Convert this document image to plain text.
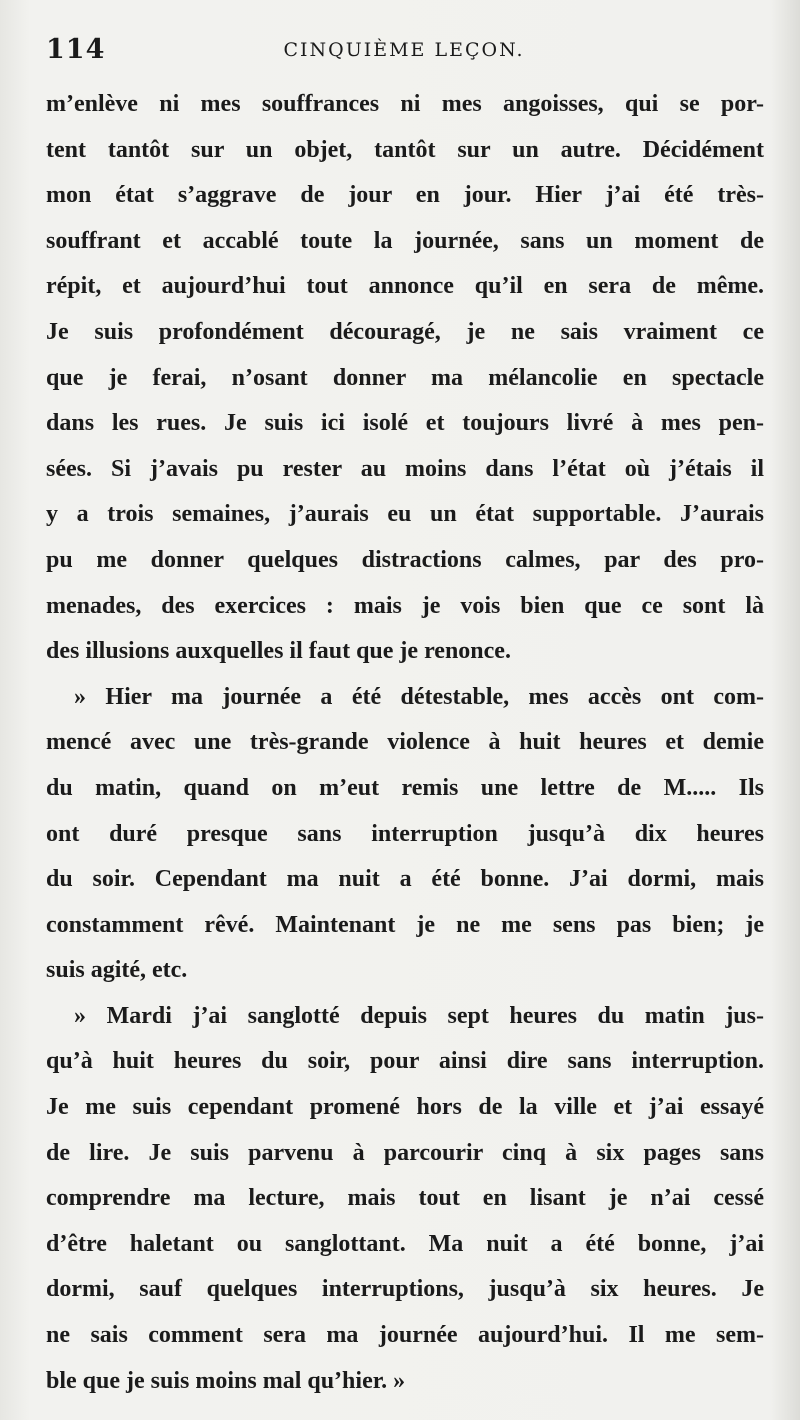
114	CINQUIÈME LEÇON.
m’enlève ni mes souffrances ni mes angoisses, qui se por-
tent tantôt sur un objet, tantôt sur un autre. Décidément
mon état s’aggrave de jour en jour. Hier j’ai été très-
souffrant et accablé toute la journée, sans un moment de
répit, et aujourd’hui tout annonce qu’il en sera de même.
Je suis profondément découragé, je ne sais vraiment ce
que je ferai, n’osant donner ma mélancolie en spectacle
dans les rues. Je suis ici isolé et toujours livré à mes pen-
sées. Si j’avais pu rester au moins dans l’état où j’étais il
y a trois semaines, j’aurais eu un état supportable. J’aurais
pu me donner quelques distractions calmes, par des pro-
menades, des exercices : mais je vois bien que ce sont là
des illusions auxquelles il faut que je renonce.
» Hier ma journée a été détestable, mes accès ont com-
mencé avec une très-grande violence à huit heures et demie
du matin, quand on m’eut remis une lettre de M..... Ils
ont duré presque sans interruption jusqu’à dix heures
du soir. Cependant ma nuit a été bonne. J’ai dormi, mais
constamment rêvé. Maintenant je ne me sens pas bien; je
suis agité, etc.
» Mardi j’ai sanglotté depuis sept heures du matin jus-
qu’à huit heures du soir, pour ainsi dire sans interruption.
Je me suis cependant promené hors de la ville et j’ai essayé
de lire. Je suis parvenu à parcourir cinq à six pages sans
comprendre ma lecture, mais tout en lisant je n’ai cessé
d’être haletant ou sanglottant. Ma nuit a été bonne, j’ai
dormi, sauf quelques interruptions, jusqu’à six heures. Je
ne sais comment sera ma journée aujourd’hui. Il me sem-
ble que je suis moins mal qu’hier. »
